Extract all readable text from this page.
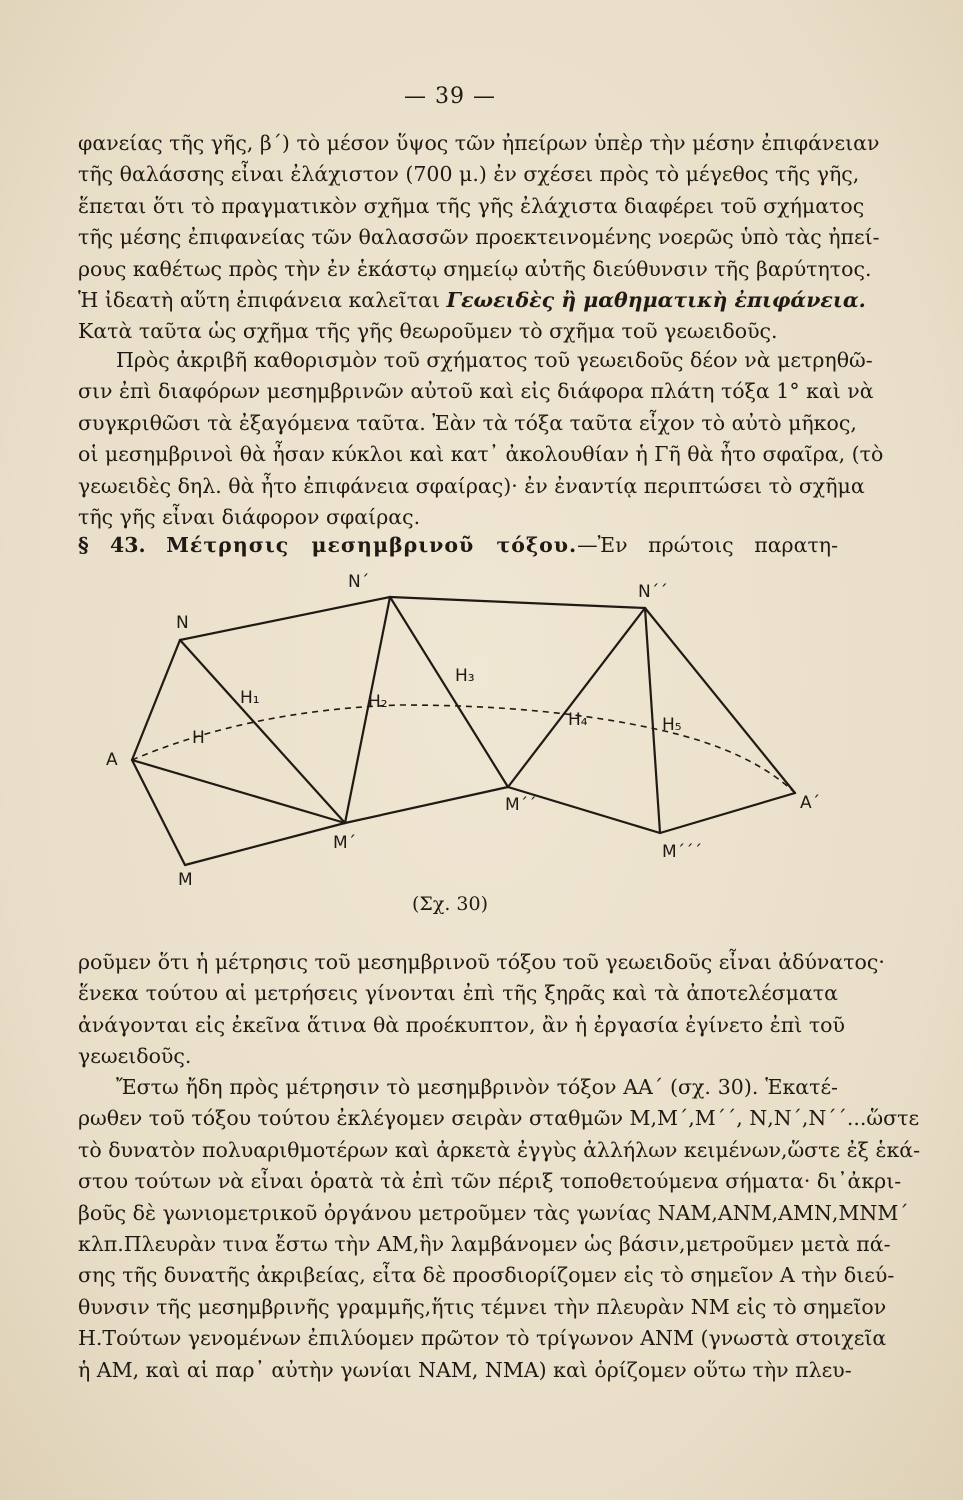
— 39 —
φανείας τῆς γῆς, β΄) τὸ μέσον ὕψος τῶν ἠπείρων ὑπὲρ τὴν μέσην ἐπιφάνειαν
τῆς θαλάσσης εἶναι ἐλάχιστον (700 μ.) ἐν σχέσει πρὸς τὸ μέγεθος τῆς γῆς,
ἕπεται ὅτι τὸ πραγματικὸν σχῆμα τῆς γῆς ἐλάχιστα διαφέρει τοῦ σχήματος
τῆς μέσης ἐπιφανείας τῶν θαλασσῶν προεκτεινομένης νοερῶς ὑπὸ τὰς ἠπεί-
ρους καθέτως πρὸς τὴν ἐν ἑκάστῳ σημείῳ αὐτῆς διεύθυνσιν τῆς βαρύτητος.
Ἡ ἰδεατὴ αὕτη ἐπιφάνεια καλεῖται Γεωειδὲς ἢ μαθηματικὴ ἐπιφάνεια.
Κατὰ ταῦτα ὡς σχῆμα τῆς γῆς θεωροῦμεν τὸ σχῆμα τοῦ γεωειδοῦς.
Πρὸς ἀκριβῆ καθορισμὸν τοῦ σχήματος τοῦ γεωειδοῦς δέον νὰ μετρηθῶ-
σιν ἐπὶ διαφόρων μεσημβρινῶν αὐτοῦ καὶ εἰς διάφορα πλάτη τόξα 1° καὶ νὰ
συγκριθῶσι τὰ ἐξαγόμενα ταῦτα. Ἐὰν τὰ τόξα ταῦτα εἶχον τὸ αὐτὸ μῆκος,
οἱ μεσημβρινοὶ θὰ ἦσαν κύκλοι καὶ κατ᾿ ἀκολουθίαν ἡ Γῆ θὰ ἦτο σφαῖρα, (τὸ
γεωειδὲς δηλ. θὰ ἦτο ἐπιφάνεια σφαίρας)· ἐν ἐναντίᾳ περιπτώσει τὸ σχῆμα
τῆς γῆς εἶναι διάφορον σφαίρας.
§ 43. Μέτρησις μεσημβρινοῦ τόξου.—Ἐν πρώτοις παρατη-
N
N΄	N΄΄
H
H₁	H₂
H₃
H₄	H₅
A
A΄
M
M΄
M΄΄
M΄΄΄
(Σχ. 30)
ροῦμεν ὅτι ἡ μέτρησις τοῦ μεσημβρινοῦ τόξου τοῦ γεωειδοῦς εἶναι ἀδύνατος·
ἕνεκα τούτου αἱ μετρήσεις γίνονται ἐπὶ τῆς ξηρᾶς καὶ τὰ ἀποτελέσματα
ἀνάγονται εἰς ἐκεῖνα ἅτινα θὰ προέκυπτον, ἂν ἡ ἐργασία ἐγίνετο ἐπὶ τοῦ
γεωειδοῦς.
Ἔστω ἤδη πρὸς μέτρησιν τὸ μεσημβρινὸν τόξον ΑΑ΄ (σχ. 30). Ἑκατέ-
ρωθεν τοῦ τόξου τούτου ἐκλέγομεν σειρὰν σταθμῶν Μ,Μ΄,Μ΄΄, Ν,Ν΄,Ν΄΄...ὥστε
τὸ δυνατὸν πολυαριθμοτέρων καὶ ἀρκετὰ ἐγγὺς ἀλλήλων κειμένων,ὥστε ἐξ ἑκά-
στου τούτων νὰ εἶναι ὁρατὰ τὰ ἐπὶ τῶν πέριξ τοποθετούμενα σήματα· δι᾿ἀκρι-
βοῦς δὲ γωνιομετρικοῦ ὀργάνου μετροῦμεν τὰς γωνίας ΝΑΜ,ΑΝΜ,ΑΜΝ,ΜΝΜ΄
κλπ.Πλευρὰν τινα ἔστω τὴν ΑΜ,ἣν λαμβάνομεν ὡς βάσιν,μετροῦμεν μετὰ πά-
σης τῆς δυνατῆς ἀκριβείας, εἶτα δὲ προσδιορίζομεν εἰς τὸ σημεῖον Α τὴν διεύ-
θυνσιν τῆς μεσημβρινῆς γραμμῆς,ἥτις τέμνει τὴν πλευρὰν ΝΜ εἰς τὸ σημεῖον
Η.Τούτων γενομένων ἐπιλύομεν πρῶτον τὸ τρίγωνον ΑΝΜ (γνωστὰ στοιχεῖα
ἡ ΑΜ, καὶ αἱ παρ᾿ αὐτὴν γωνίαι ΝΑΜ, ΝΜΑ) καὶ ὁρίζομεν οὕτω τὴν πλευ-
